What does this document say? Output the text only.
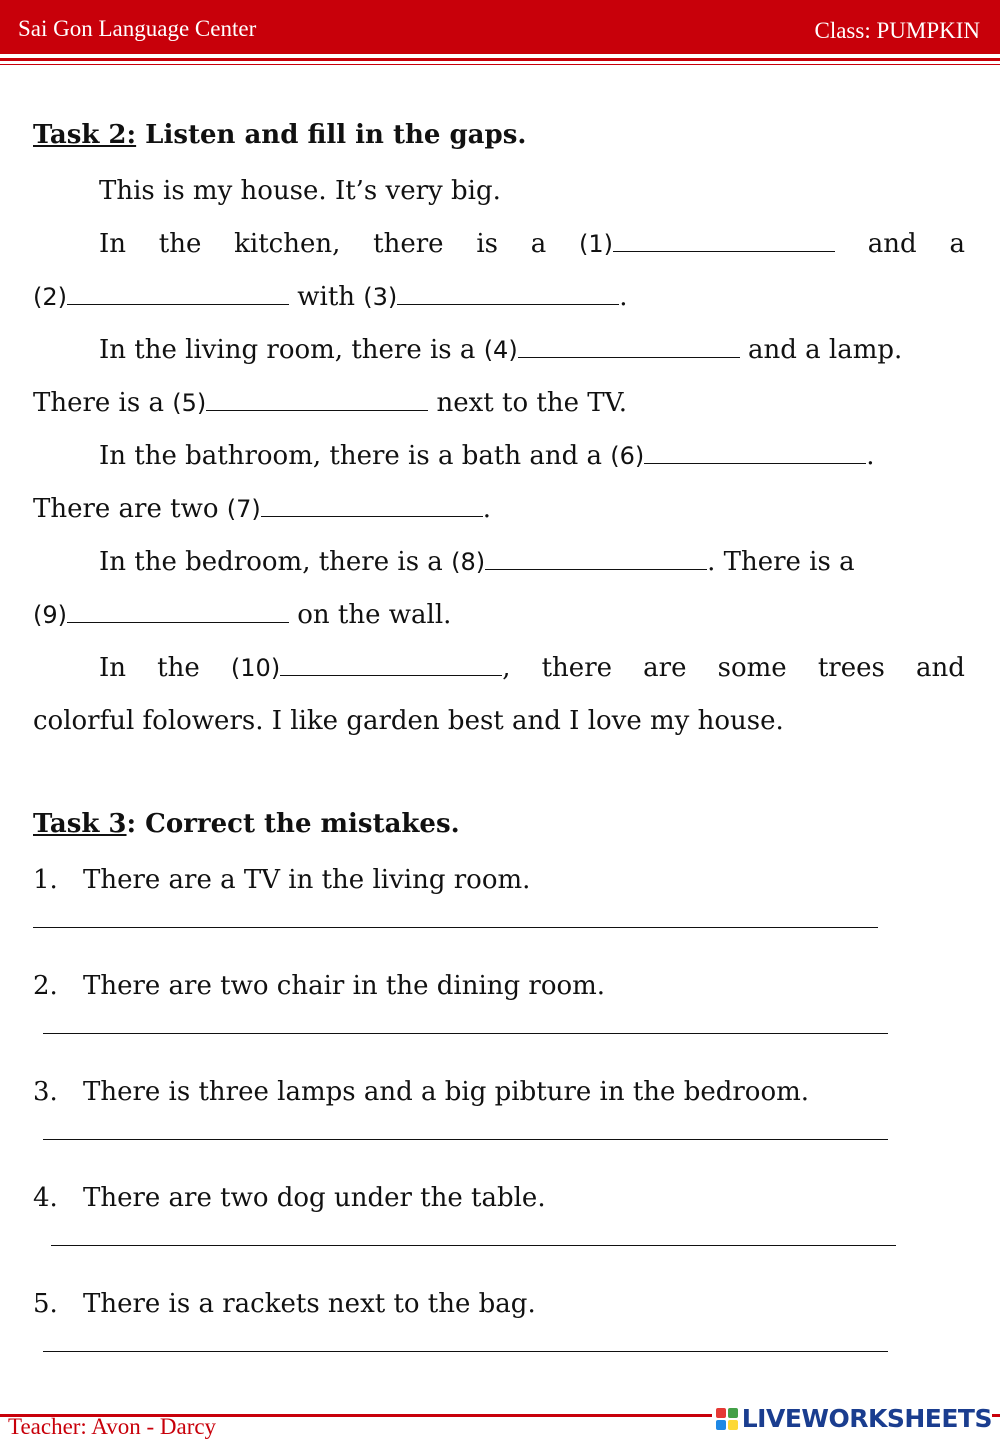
Sai Gon Language Center	Class: PUMPKIN
Task 2: Listen and fill in the gaps.
This is my house. It’s very big.
In the kitchen, there is a (1)	and a
(2)	with (3)	.
In the living room, there is a (4)	and a lamp.
There is a (5)	next to the TV.
In the bathroom, there is a bath and a (6)	.
There are two (7)	.
In the bedroom, there is a (8)	. There is a
(9)	on the wall.
In the (10)	, there are some trees and
colorful folowers. I like garden best and I love my house.
Task 3: Correct the mistakes.
1. There are a TV in the living room.
2. There are two chair in the dining room.
3. There is three lamps and a big pibture in the bedroom.
4. There are two dog under the table.
5. There is a rackets next to the bag.
Teacher: Avon - Darcy	LIVEWORKSHEETS
